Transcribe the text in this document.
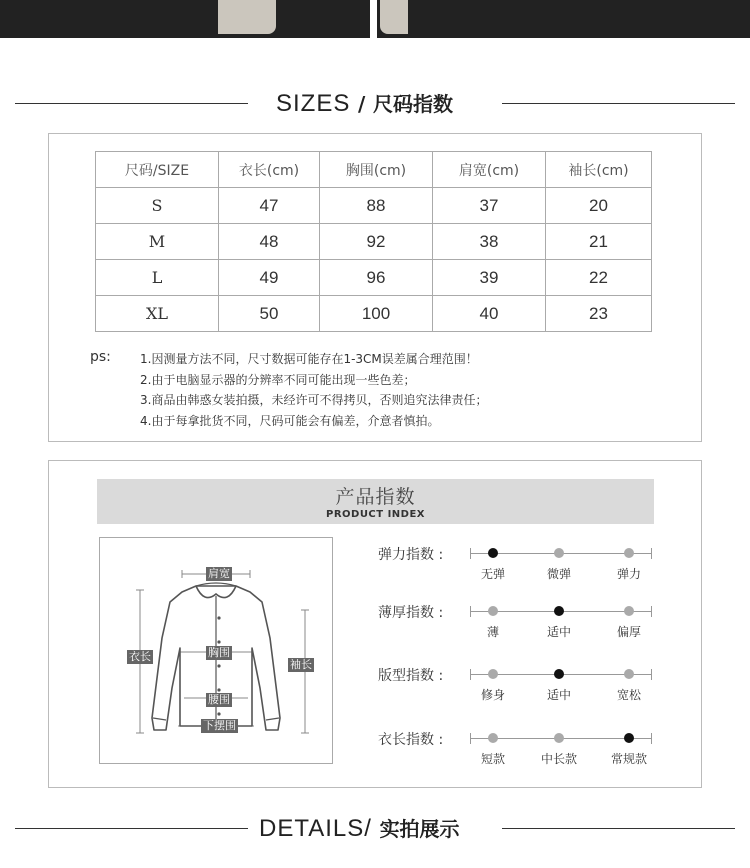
SIZES / 尺码指数
尺码/SIZE	衣长(cm)	胸围(cm)	肩宽(cm)	袖长(cm)
S	47	88	37	20
M	48	92	38	21
L	49	96	39	22
XL	50	100	40	23
ps: 1.因测量方法不同，尺寸数据可能存在1-3CM误差属合理范围！
2.由于电脑显示器的分辨率不同可能出现一些色差；
3.商品由韩惑女装拍摄，未经许可不得拷贝，否则追究法律责任；
4.由于每拿批货不同，尺码可能会有偏差，介意者慎拍。
产品指数
PRODUCT INDEX
肩宽
衣长	胸围
袖长
腰围
下摆围
弹力指数 :
无弹	微弹	弹力
薄厚指数 :
薄	适中	偏厚
版型指数 :
修身	适中	宽松
衣长指数 :
短款	中长款	常规款
DETAILS/ 实拍展示
